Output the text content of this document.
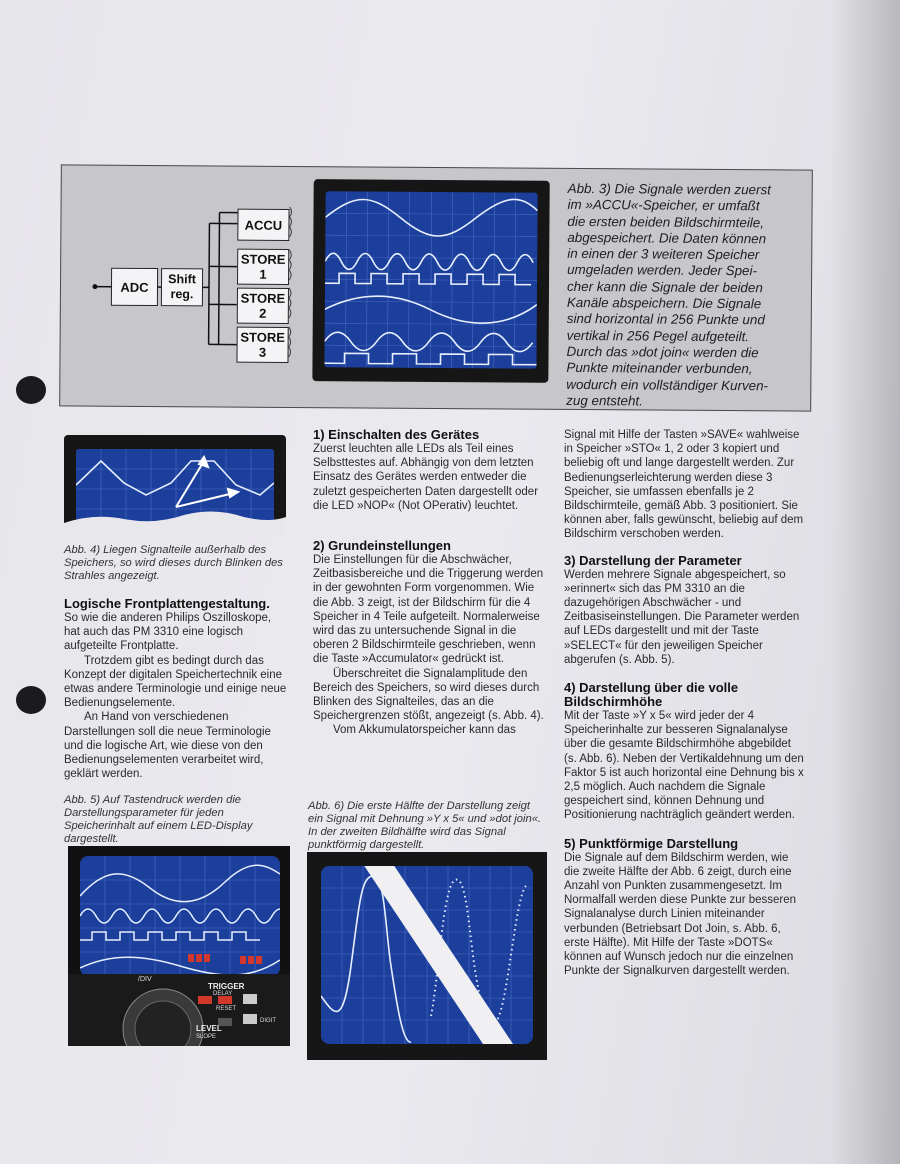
ADC
Shift reg.
ACCU
STORE 1
STORE 2
STORE 3
Abb. 3) Die Signale werden zuerst
im »ACCU«-Speicher, er umfaßt
die ersten beiden Bildschirmteile,
abgespeichert. Die Daten können
in einen der 3 weiteren Speicher
umgeladen werden. Jeder Spei-
cher kann die Signale der beiden
Kanäle abspeichern. Die Signale
sind horizontal in 256 Punkte und
vertikal in 256 Pegel aufgeteilt.
Durch das »dot join« werden die
Punkte miteinander verbunden,
wodurch ein vollständiger Kurven-
zug entsteht.
Abb. 4) Liegen Signalteile außerhalb des Speichers, so wird dieses durch Blinken des Strahles angezeigt.
Logische Frontplattengestaltung.

So wie die anderen Philips Oszilloskope, hat auch das PM 3310 eine logisch aufgeteilte Frontplatte.

Trotzdem gibt es bedingt durch das Konzept der digitalen Speichertechnik eine etwas andere Terminologie und einige neue Bedienungselemente.

An Hand von verschiedenen Darstellungen soll die neue Terminologie und die logische Art, wie diese von den Bedienungselementen verarbeitet wird, geklärt werden.

Abb. 5) Auf Tastendruck werden die Darstellungsparameter für jeden Speicherinhalt auf einem LED-Display dargestellt.
/DIV
TRIGGER
DELAY
RESET
DIGIT
LEVEL
SLOPE
1) Einschalten des Gerätes

Zuerst leuchten alle LEDs als Teil eines Selbsttestes auf. Abhängig von dem letzten Einsatz des Gerätes werden entweder die zuletzt gespeicherten Daten dargestellt oder die LED »NOP« (Not OPerativ) leuchtet.

2) Grundeinstellungen

Die Einstellungen für die Abschwächer, Zeitbasisbereiche und die Triggerung werden in der gewohnten Form vorgenommen. Wie die Abb. 3 zeigt, ist der Bildschirm für die 4 Speicher in 4 Teile aufgeteilt. Normalerweise wird das zu untersuchende Signal in die oberen 2 Bildschirmteile geschrieben, wenn die Taste »Accumulator« gedrückt ist.

Überschreitet die Signalamplitude den Bereich des Speichers, so wird dieses durch Blinken des Signalteiles, das an die Speichergrenzen stößt, angezeigt (s. Abb. 4).

Vom Akkumulatorspeicher kann das

Abb. 6) Die erste Hälfte der Darstellung zeigt ein Signal mit Dehnung »Y x 5« und »dot join«. In der zweiten Bildhälfte wird das Signal punktförmig dargestellt.

Signal mit Hilfe der Tasten »SAVE« wahlweise in Speicher »STO« 1, 2 oder 3 kopiert und beliebig oft und lange dargestellt werden. Zur Bedienungserleichterung werden diese 3 Speicher, sie umfassen ebenfalls je 2 Bildschirmteile, gemäß Abb. 3 positioniert. Sie können aber, falls gewünscht, beliebig auf dem Bildschirm verschoben werden.

3) Darstellung der Parameter

Werden mehrere Signale abgespeichert, so »erinnert« sich das PM 3310 an die dazugehörigen Abschwächer - und Zeitbasiseinstellungen. Die Parameter werden auf LEDs dargestellt und mit der Taste »SELECT« für den jeweiligen Speicher abgerufen (s. Abb. 5).

4) Darstellung über die volle Bildschirmhöhe

Mit der Taste »Y x 5« wird jeder der 4 Speicherinhalte zur besseren Signalanalyse über die gesamte Bildschirmhöhe abgebildet (s. Abb. 6). Neben der Vertikaldehnung um den Faktor 5 ist auch horizontal eine Dehnung bis x 2,5 möglich. Auch nachdem die Signale gespeichert sind, können Dehnung und Positionierung nachträglich geändert werden.

5) Punktförmige Darstellung

Die Signale auf dem Bildschirm werden, wie die zweite Hälfte der Abb. 6 zeigt, durch eine Anzahl von Punkten zusammengesetzt. Im Normalfall werden diese Punkte zur besseren Signalanalyse durch Linien miteinander verbunden (Betriebsart Dot Join, s. Abb. 6, erste Hälfte). Mit Hilfe der Taste »DOTS« können auf Wunsch jedoch nur die einzelnen Punkte der Signalkurven dargestellt werden.
